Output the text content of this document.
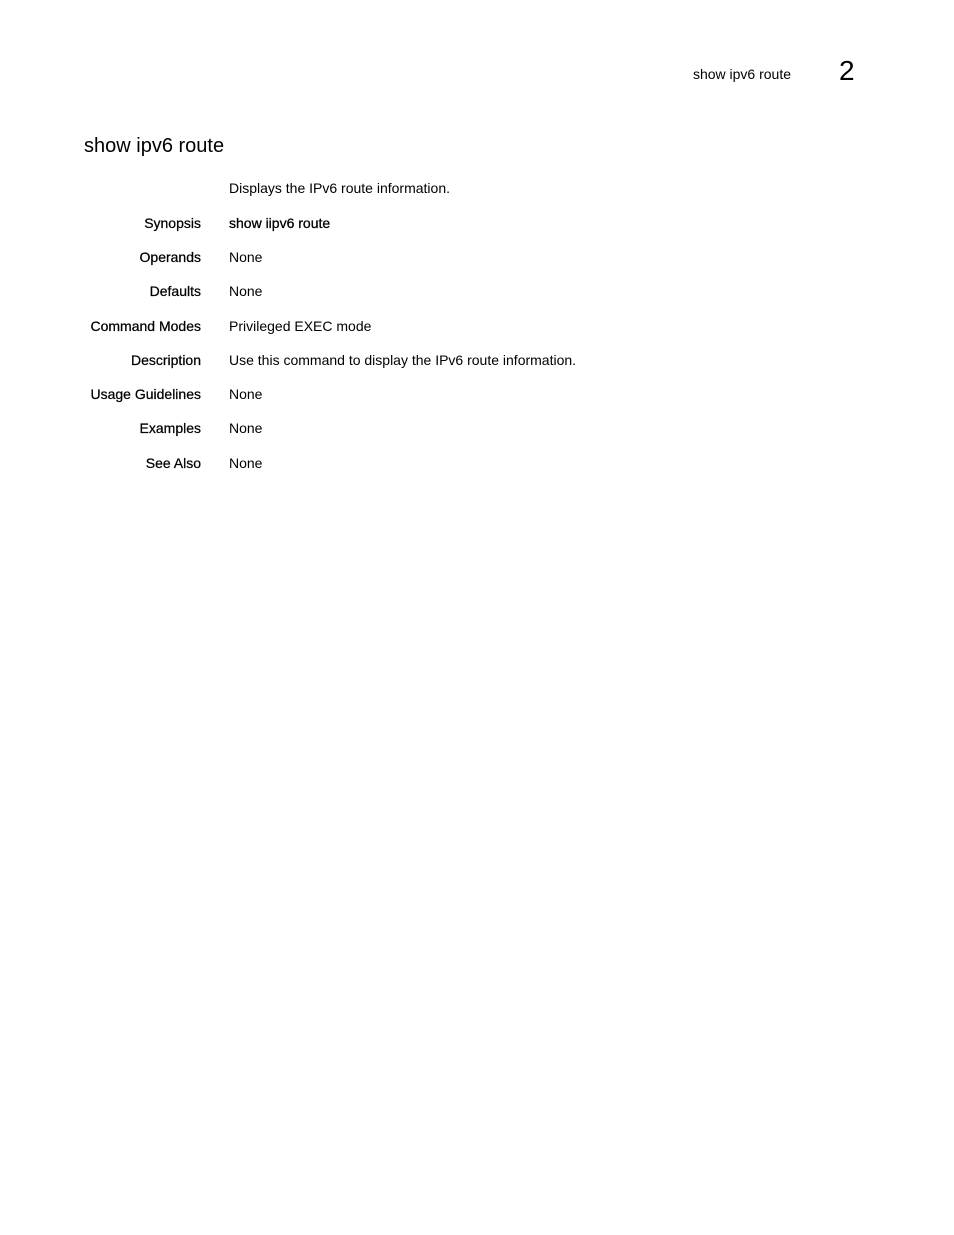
show ipv6 route 2
show ipv6 route
Displays the IPv6 route information.
Synopsis show iipv6 route
Operands None
Defaults None
Command Modes Privileged EXEC mode
Description Use this command to display the IPv6 route information.
Usage Guidelines None
Examples None
See Also None
